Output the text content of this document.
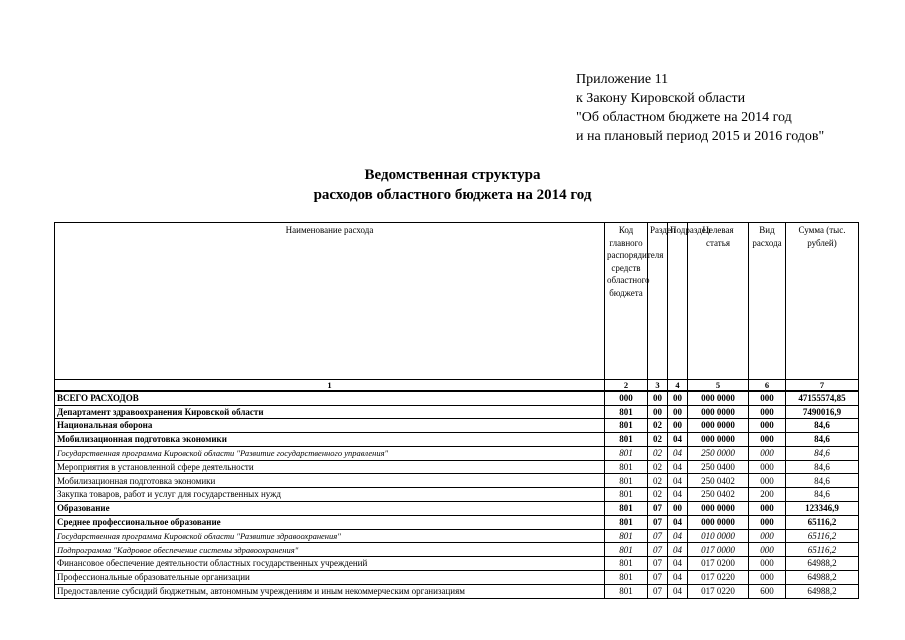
Приложение 11
к Закону Кировской области
"Об областном бюджете на 2014 год
и на плановый период 2015 и 2016 годов"
Ведомственная структура
расходов областного бюджета на 2014 год
Наименование расхода	Код главного распорядителя средств областного бюджета	Раздел	Подраздел	Целевая статья	Вид расхода	Сумма (тыс. рублей)
1	2	3	4	5	6	7
ВСЕГО РАСХОДОВ	000	00	00	000 0000	000	47155574,85
Департамент здравоохранения Кировской области	801	00	00	000 0000	000	7490016,9
Национальная оборона	801	02	00	000 0000	000	84,6
Мобилизационная подготовка экономики	801	02	04	000 0000	000	84,6
Государственная программа Кировской области "Развитие государственного управления"	801	02	04	250 0000	000	84,6
Мероприятия в установленной сфере деятельности	801	02	04	250 0400	000	84,6
Мобилизационная подготовка экономики	801	02	04	250 0402	000	84,6
Закупка товаров, работ и услуг для государственных нужд	801	02	04	250 0402	200	84,6
Образование	801	07	00	000 0000	000	123346,9
Среднее профессиональное образование	801	07	04	000 0000	000	65116,2
Государственная программа Кировской области "Развитие здравоохранения"	801	07	04	010 0000	000	65116,2
Подпрограмма "Кадровое обеспечение системы здравоохранения"	801	07	04	017 0000	000	65116,2
Финансовое обеспечение деятельности областных государственных учреждений	801	07	04	017 0200	000	64988,2
Профессиональные образовательные организации	801	07	04	017 0220	000	64988,2
Предоставление субсидий бюджетным, автономным учреждениям и иным некоммерческим организациям	801	07	04	017 0220	600	64988,2
